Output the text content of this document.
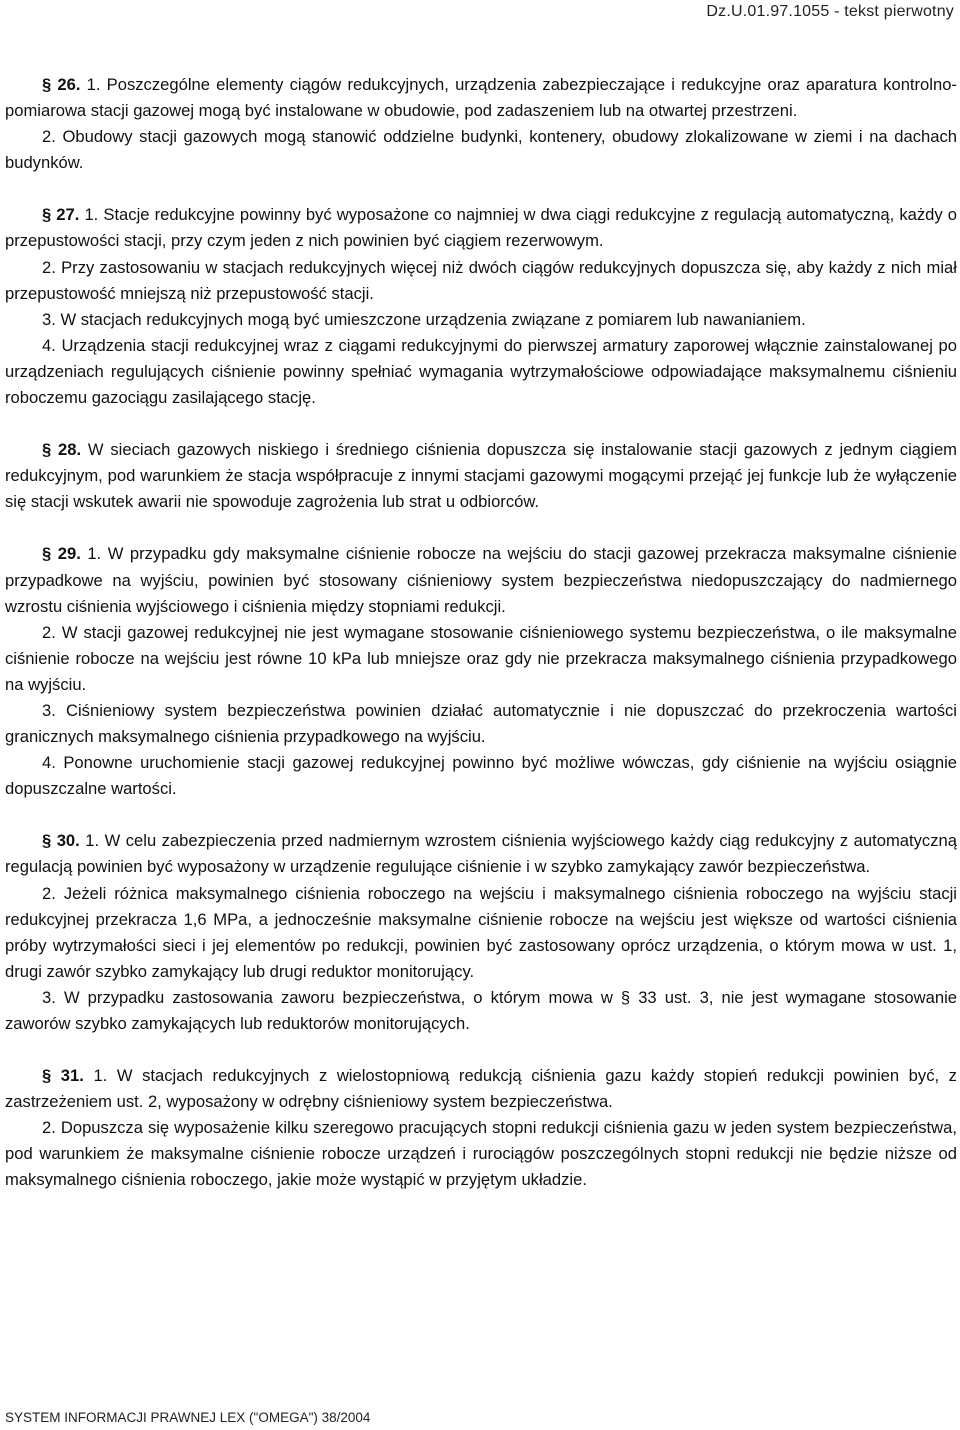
Dz.U.01.97.1055 - tekst pierwotny

§ 26. 1. Poszczególne elementy ciągów redukcyjnych, urządzenia zabezpieczające i redukcyjne oraz aparatura kontrolno-pomiarowa stacji gazowej mogą być instalowane w obudowie, pod zadaszeniem lub na otwartej przestrzeni.

2. Obudowy stacji gazowych mogą stanowić oddzielne budynki, kontenery, obudowy zlokalizowane w ziemi i na dachach budynków.

§ 27. 1. Stacje redukcyjne powinny być wyposażone co najmniej w dwa ciągi redukcyjne z regulacją automatyczną, każdy o przepustowości stacji, przy czym jeden z nich powinien być ciągiem rezerwowym.

2. Przy zastosowaniu w stacjach redukcyjnych więcej niż dwóch ciągów redukcyjnych dopuszcza się, aby każdy z nich miał przepustowość mniejszą niż przepustowość stacji.

3. W stacjach redukcyjnych mogą być umieszczone urządzenia związane z pomiarem lub nawanianiem.

4. Urządzenia stacji redukcyjnej wraz z ciągami redukcyjnymi do pierwszej armatury zaporowej włącznie zainstalowanej po urządzeniach regulujących ciśnienie powinny spełniać wymagania wytrzymałościowe odpowiadające maksymalnemu ciśnieniu roboczemu gazociągu zasilającego stację.

§ 28. W sieciach gazowych niskiego i średniego ciśnienia dopuszcza się instalowanie stacji gazowych z jednym ciągiem redukcyjnym, pod warunkiem że stacja współpracuje z innymi stacjami gazowymi mogącymi przejąć jej funkcje lub że wyłączenie się stacji wskutek awarii nie spowoduje zagrożenia lub strat u odbiorców.

§ 29. 1. W przypadku gdy maksymalne ciśnienie robocze na wejściu do stacji gazowej przekracza maksymalne ciśnienie przypadkowe na wyjściu, powinien być stosowany ciśnieniowy system bezpieczeństwa niedopuszczający do nadmiernego wzrostu ciśnienia wyjściowego i ciśnienia między stopniami redukcji.

2. W stacji gazowej redukcyjnej nie jest wymagane stosowanie ciśnieniowego systemu bezpieczeństwa, o ile maksymalne ciśnienie robocze na wejściu jest równe 10 kPa lub mniejsze oraz gdy nie przekracza maksymalnego ciśnienia przypadkowego na wyjściu.

3. Ciśnieniowy system bezpieczeństwa powinien działać automatycznie i nie dopuszczać do przekroczenia wartości granicznych maksymalnego ciśnienia przypadkowego na wyjściu.

4. Ponowne uruchomienie stacji gazowej redukcyjnej powinno być możliwe wówczas, gdy ciśnienie na wyjściu osiągnie dopuszczalne wartości.

§ 30. 1. W celu zabezpieczenia przed nadmiernym wzrostem ciśnienia wyjściowego każdy ciąg redukcyjny z automatyczną regulacją powinien być wyposażony w urządzenie regulujące ciśnienie i w szybko zamykający zawór bezpieczeństwa.

2. Jeżeli różnica maksymalnego ciśnienia roboczego na wejściu i maksymalnego ciśnienia roboczego na wyjściu stacji redukcyjnej przekracza 1,6 MPa, a jednocześnie maksymalne ciśnienie robocze na wejściu jest większe od wartości ciśnienia próby wytrzymałości sieci i jej elementów po redukcji, powinien być zastosowany oprócz urządzenia, o którym mowa w ust. 1, drugi zawór szybko zamykający lub drugi reduktor monitorujący.

3. W przypadku zastosowania zaworu bezpieczeństwa, o którym mowa w § 33 ust. 3, nie jest wymagane stosowanie zaworów szybko zamykających lub reduktorów monitorujących.

§ 31. 1. W stacjach redukcyjnych z wielostopniową redukcją ciśnienia gazu każdy stopień redukcji powinien być, z zastrzeżeniem ust. 2, wyposażony w odrębny ciśnieniowy system bezpieczeństwa.

2. Dopuszcza się wyposażenie kilku szeregowo pracujących stopni redukcji ciśnienia gazu w jeden system bezpieczeństwa, pod warunkiem że maksymalne ciśnienie robocze urządzeń i rurociągów poszczególnych stopni redukcji nie będzie niższe od maksymalnego ciśnienia roboczego, jakie może wystąpić w przyjętym układzie.

SYSTEM INFORMACJI PRAWNEJ LEX ("OMEGA") 38/2004
